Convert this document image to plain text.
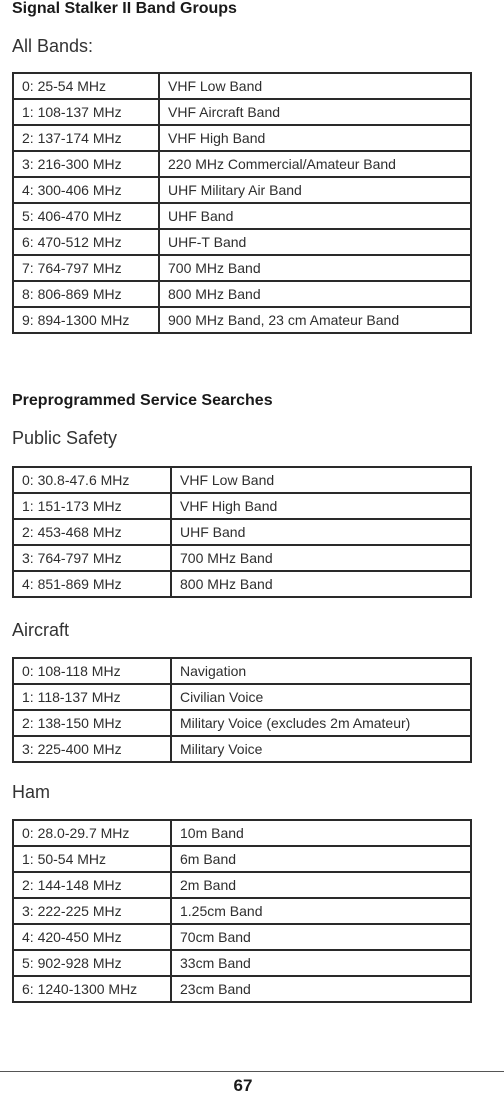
Signal Stalker II Band Groups
All Bands:
0: 25-54 MHz	VHF Low Band
1: 108-137 MHz	VHF Aircraft Band
2: 137-174 MHz	VHF High Band
3: 216-300 MHz	220 MHz Commercial/Amateur Band
4: 300-406 MHz	UHF Military Air Band
5: 406-470 MHz	UHF Band
6: 470-512 MHz	UHF-T Band
7: 764-797 MHz	700 MHz Band
8: 806-869 MHz	800 MHz Band
9: 894-1300 MHz	900 MHz Band, 23 cm Amateur Band
Preprogrammed Service Searches
Public Safety
0: 30.8-47.6 MHz	VHF Low Band
1: 151-173 MHz	VHF High Band
2: 453-468 MHz	UHF Band
3: 764-797 MHz	700 MHz Band
4: 851-869 MHz	800 MHz Band
Aircraft
0: 108-118 MHz	Navigation
1: 118-137 MHz	Civilian Voice
2: 138-150 MHz	Military Voice (excludes 2m Amateur)
3: 225-400 MHz	Military Voice
Ham
0: 28.0-29.7 MHz	10m Band
1: 50-54 MHz	6m Band
2: 144-148 MHz	2m Band
3: 222-225 MHz	1.25cm Band
4: 420-450 MHz	70cm Band
5: 902-928 MHz	33cm Band
6: 1240-1300 MHz	23cm Band
67
